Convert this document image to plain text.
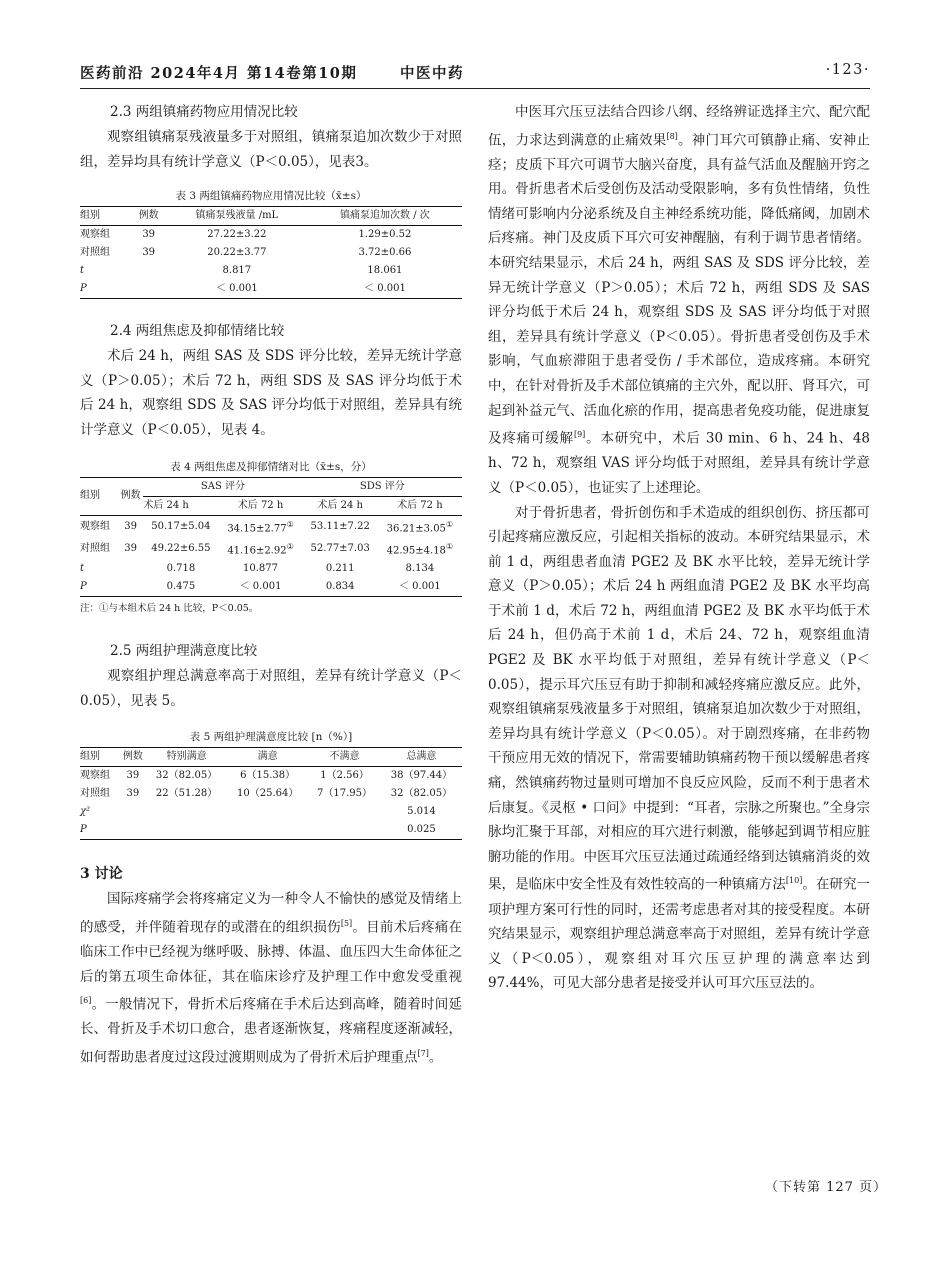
医药前沿 2024年4月 第14卷第10期	中医中药	·123·

2.3 两组镇痛药物应用情况比较

观察组镇痛泵残液量多于对照组，镇痛泵追加次数少于对照组，差异均具有统计学意义（P＜0.05），见表3。

表 3 两组镇痛药物应用情况比较（x̄±s）
组别	例数	镇痛泵残液量 /mL	镇痛泵追加次数 / 次
观察组	39	27.22±3.22	1.29±0.52
对照组	39	20.22±3.77	3.72±0.66
t		8.817	18.061
P		＜ 0.001	＜ 0.001

2.4 两组焦虑及抑郁情绪比较

术后 24 h，两组 SAS 及 SDS 评分比较，差异无统计学意义（P＞0.05）；术后 72 h，两组 SDS 及 SAS 评分均低于术后 24 h，观察组 SDS 及 SAS 评分均低于对照组，差异具有统计学意义（P＜0.05），见表 4。

表 4 两组焦虑及抑郁情绪对比（x̄±s，分）
组别	例数	SAS 评分		SDS 评分	
		术后 24 h	术后 72 h	术后 24 h	术后 72 h
观察组	39	50.17±5.04	34.15±2.77①	53.11±7.22	36.21±3.05①
对照组	39	49.22±6.55	41.16±2.92①	52.77±7.03	42.95±4.18①
t		0.718	10.877	0.211	8.134
P		0.475	＜ 0.001	0.834	＜ 0.001

注：①与本组术后 24 h 比较，P＜0.05。

2.5 两组护理满意度比较

观察组护理总满意率高于对照组，差异有统计学意义（P＜0.05），见表 5。

表 5 两组护理满意度比较 [n（%）]
组别	例数	特别满意	满意	不满意	总满意
观察组	39	32（82.05）	6（15.38）	1（2.56）	38（97.44）
对照组	39	22（51.28）	10（25.64）	7（17.95）	32（82.05）
χ²					5.014
P					0.025

3 讨论

国际疼痛学会将疼痛定义为一种令人不愉快的感觉及情绪上的感受，并伴随着现存的或潜在的组织损伤[5]。目前术后疼痛在临床工作中已经视为继呼吸、脉搏、体温、血压四大生命体征之后的第五项生命体征，其在临床诊疗及护理工作中愈发受重视[6]。一般情况下，骨折术后疼痛在手术后达到高峰，随着时间延长、骨折及手术切口愈合，患者逐渐恢复，疼痛程度逐渐减轻，如何帮助患者度过这段过渡期则成为了骨折术后护理重点[7]。

中医耳穴压豆法结合四诊八纲、经络辨证选择主穴、配穴配伍，力求达到满意的止痛效果[8]。神门耳穴可镇静止痛、安神止痉；皮质下耳穴可调节大脑兴奋度，具有益气活血及醒脑开窍之用。骨折患者术后受创伤及活动受限影响，多有负性情绪，负性情绪可影响内分泌系统及自主神经系统功能，降低痛阈，加剧术后疼痛。神门及皮质下耳穴可安神醒脑，有利于调节患者情绪。本研究结果显示，术后 24 h，两组 SAS 及 SDS 评分比较，差异无统计学意义（P＞0.05）；术后 72 h，两组 SDS 及 SAS 评分均低于术后 24 h，观察组 SDS 及 SAS 评分均低于对照组，差异具有统计学意义（P＜0.05）。骨折患者受创伤及手术影响，气血瘀滞阻于患者受伤 / 手术部位，造成疼痛。本研究中，在针对骨折及手术部位镇痛的主穴外，配以肝、肾耳穴，可起到补益元气、活血化瘀的作用，提高患者免疫功能，促进康复及疼痛可缓解[9]。本研究中，术后 30 min、6 h、24 h、48 h、72 h，观察组 VAS 评分均低于对照组，差异具有统计学意义（P＜0.05），也证实了上述理论。

对于骨折患者，骨折创伤和手术造成的组织创伤、挤压都可引起疼痛应激反应，引起相关指标的波动。本研究结果显示，术前 1 d，两组患者血清 PGE2 及 BK 水平比较，差异无统计学意义（P＞0.05）；术后 24 h 两组血清 PGE2 及 BK 水平均高于术前 1 d，术后 72 h，两组血清 PGE2 及 BK 水平均低于术后 24 h，但仍高于术前 1 d，术后 24、72 h，观察组血清 PGE2 及 BK 水平均低于对照组，差异有统计学意义（P＜0.05），提示耳穴压豆有助于抑制和减轻疼痛应激反应。此外，观察组镇痛泵残液量多于对照组，镇痛泵追加次数少于对照组，差异均具有统计学意义（P＜0.05）。对于剧烈疼痛，在非药物干预应用无效的情况下，常需要辅助镇痛药物干预以缓解患者疼痛，然镇痛药物过量则可增加不良反应风险，反而不利于患者术后康复。《灵枢 • 口问》中提到：“耳者，宗脉之所聚也。”全身宗脉均汇聚于耳部，对相应的耳穴进行刺激，能够起到调节相应脏腑功能的作用。中医耳穴压豆法通过疏通经络到达镇痛消炎的效果，是临床中安全性及有效性较高的一种镇痛方法[10]。在研究一项护理方案可行性的同时，还需考虑患者对其的接受程度。本研究结果显示，观察组护理总满意率高于对照组，差异有统计学意义（P＜0.05），观察组对耳穴压豆护理的满意率达到 97.44%，可见大部分患者是接受并认可耳穴压豆法的。

（下转第 127 页）
